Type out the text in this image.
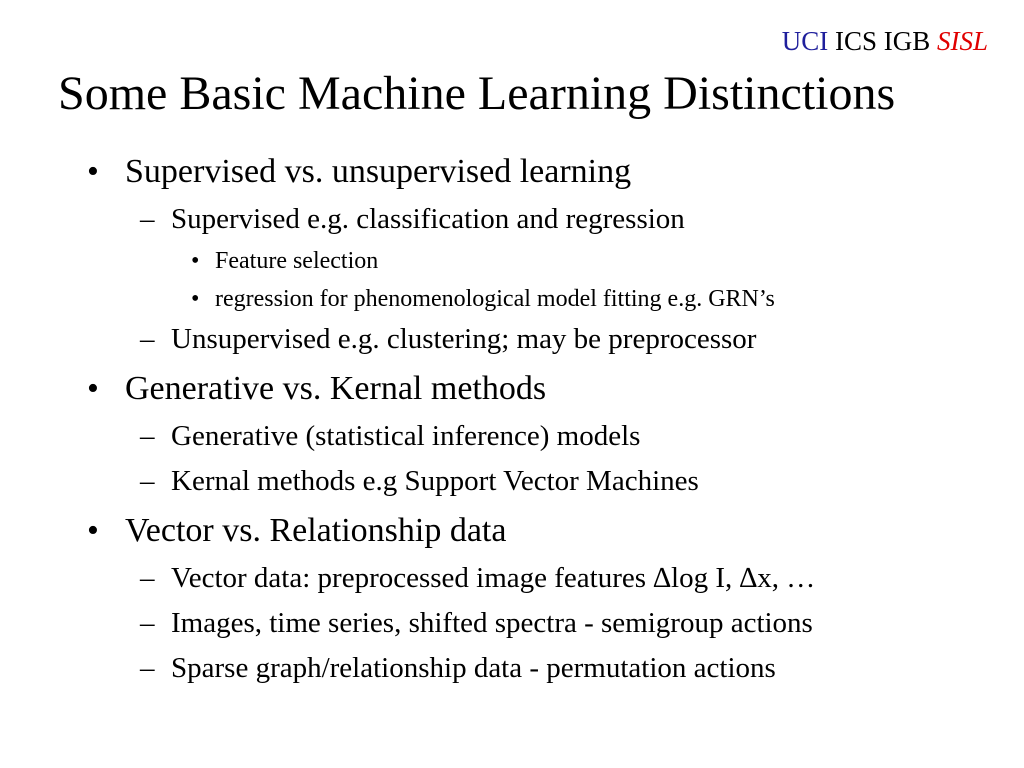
UCI ICS IGB SISL
Some Basic Machine Learning Distinctions
• Supervised vs. unsupervised learning
– Supervised e.g. classification and regression
• Feature selection
• regression for phenomenological model fitting e.g. GRN’s
– Unsupervised e.g. clustering; may be preprocessor
• Generative vs. Kernal methods
– Generative (statistical inference) models
– Kernal methods e.g Support Vector Machines
• Vector vs. Relationship data
– Vector data: preprocessed image features ∆log I, ∆x, …
– Images, time series, shifted spectra - semigroup actions
– Sparse graph/relationship data - permutation actions
